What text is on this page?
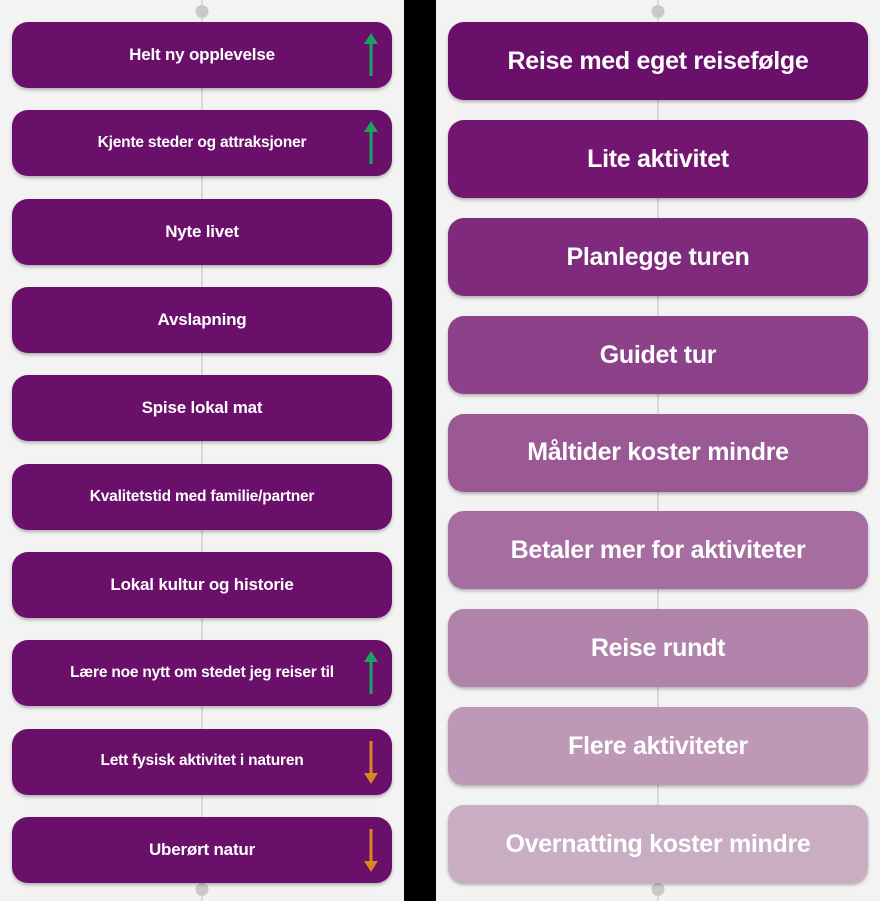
Helt ny opplevelse
Kjente steder og attraksjoner
Nyte livet
Avslapning
Spise lokal mat
Kvalitetstid med familie/partner
Lokal kultur og historie
Lære noe nytt om stedet jeg reiser til
Lett fysisk aktivitet i naturen
Uberørt natur
Reise med eget reisefølge
Lite aktivitet
Planlegge turen
Guidet tur
Måltider koster mindre
Betaler mer for aktiviteter
Reise rundt
Flere aktiviteter
Overnatting koster mindre
